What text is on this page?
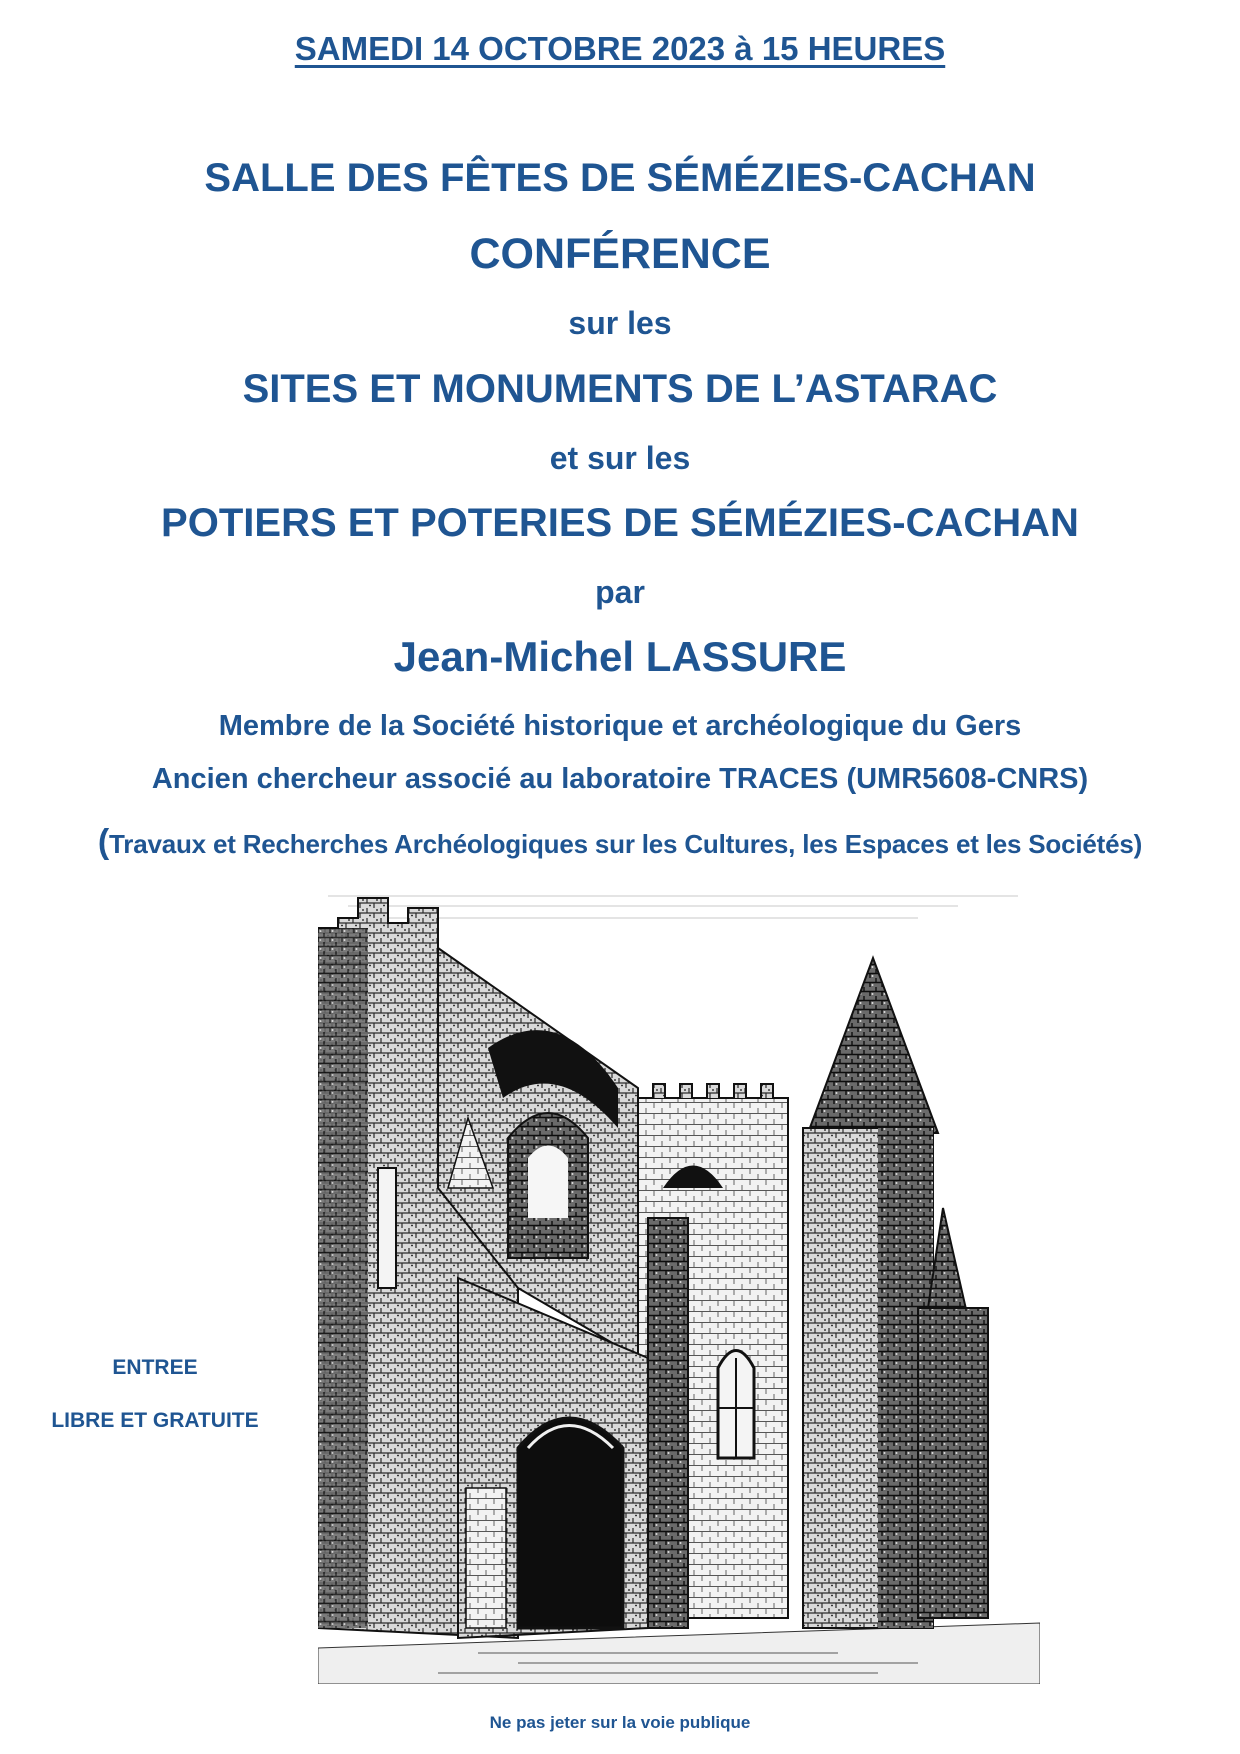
SAMEDI 14 OCTOBRE 2023 à 15 HEURES

SALLE DES FÊTES DE SÉMÉZIES-CACHAN

CONFÉRENCE

sur les

SITES ET MONUMENTS DE L’ASTARAC

et sur les

POTIERS ET POTERIES DE SÉMÉZIES-CACHAN

par

Jean-Michel LASSURE

Membre de la Société historique et archéologique du Gers

Ancien chercheur associé au laboratoire TRACES (UMR5608-CNRS)

(Travaux et Recherches Archéologiques sur les Cultures, les Espaces et les Sociétés)

ENTREE

LIBRE ET GRATUITE

Ne pas jeter sur la voie publique
